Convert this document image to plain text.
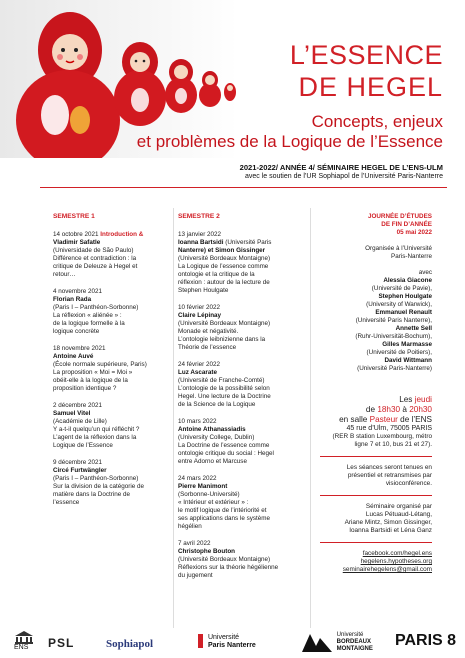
L’ESSENCE
DE HEGEL
Concepts, enjeux
et problèmes de la Logique de l’Essence
2021-2022/ ANNÉE 4/ SÉMINAIRE HEGEL DE L’ENS-ULM
avec le soutien de l’UR Sophiapol de l’Université Paris-Nanterre
SEMESTRE 1
14 octobre 2021 Introduction &
Vladimir Safatle
(Universidade de São Paulo)
Différence et contradiction : la
critique de Deleuze à Hegel et
retour…
4 novembre 2021
Florian Rada
(Paris I – Panthéon-Sorbonne)
La réflexion « aliénée » :
de la logique formelle à la
logique concrète
18 novembre 2021
Antoine Auvé
(École normale supérieure, Paris)
La proposition « Moi = Moi »
obéit-elle à la logique de la
proposition identique ?
2 décembre 2021
Samuel Vitel
(Académie de Lille)
Y a-t-il quelqu’un qui réfléchit ?
L’agent de la réflexion dans la
Logique de l’Essence
9 décembre 2021
Circé Furtwängler
(Paris I – Panthéon-Sorbonne)
Sur la division de la catégorie de
matière dans la Doctrine de
l’essence
SEMESTRE 2
13 janvier 2022
Ioanna Bartsidi (Université Paris
Nanterre) et Simon Gissinger
(Université Bordeaux Montaigne)
La Logique de l’essence comme
ontologie et la critique de la
réflexion : autour de la lecture de
Stephen Houlgate
10 février 2022
Claire Lépinay
(Université Bordeaux Montaigne)
Monade et négativité.
L’ontologie leibnizienne dans la
Théorie de l’essence
24 février 2022
Luz Ascarate
(Université de Franche-Comté)
L’ontologie de la possibilité selon
Hegel. Une lecture de la Doctrine
de la Science de la Logique
10 mars 2022
Antoine Athanassiadis
(University College, Dublin)
La Doctrine de l’essence comme
ontologie critique du social : Hegel
entre Adorno et Marcuse
24 mars 2022
Pierre Manimont
(Sorbonne-Université)
« Intérieur et extérieur » :
le motif logique de l’intériorité et
ses applications dans le système
hégélien
7 avril 2022
Christophe Bouton
(Université Bordeaux Montaigne)
Réflexions sur la théorie hégélienne
du jugement
JOURNÉE D’ÉTUDES
DE FIN D’ANNÉE
05 mai 2022
Organisée à l’Université
Paris-Nanterre
avec
Alessia Giacone
(Université de Pavie),
Stephen Houlgate
(University of Warwick),
Emmanuel Renault
(Université Paris Nanterre),
Annette Sell
(Ruhr-Universität-Bochum),
Gilles Marmasse
(Université de Poitiers),
David Wittmann
(Université Paris-Nanterre)
Les jeudi
de 18h30 à 20h30
en salle Pasteur de l’ENS
45 rue d’Ulm, 75005 PARIS
(RER B station Luxembourg, métro
ligne 7 et 10, bus 21 et 27).
Les séances seront tenues en
présentiel et retransmises par
visioconférence.
Séminaire organisé par
Lucas Pétuaud-Létang,
Ariane Mintz, Simon Gissinger,
Ioanna Bartsidi et Léna Ganz
facebook.com/hegel.ens
hegelens.hypotheses.org
seminairehegelens@gmail.com
ENS	PSL	Sophiapol
Université
Paris Nanterre
Université
BORDEAUX
MONTAIGNE PARIS 8
